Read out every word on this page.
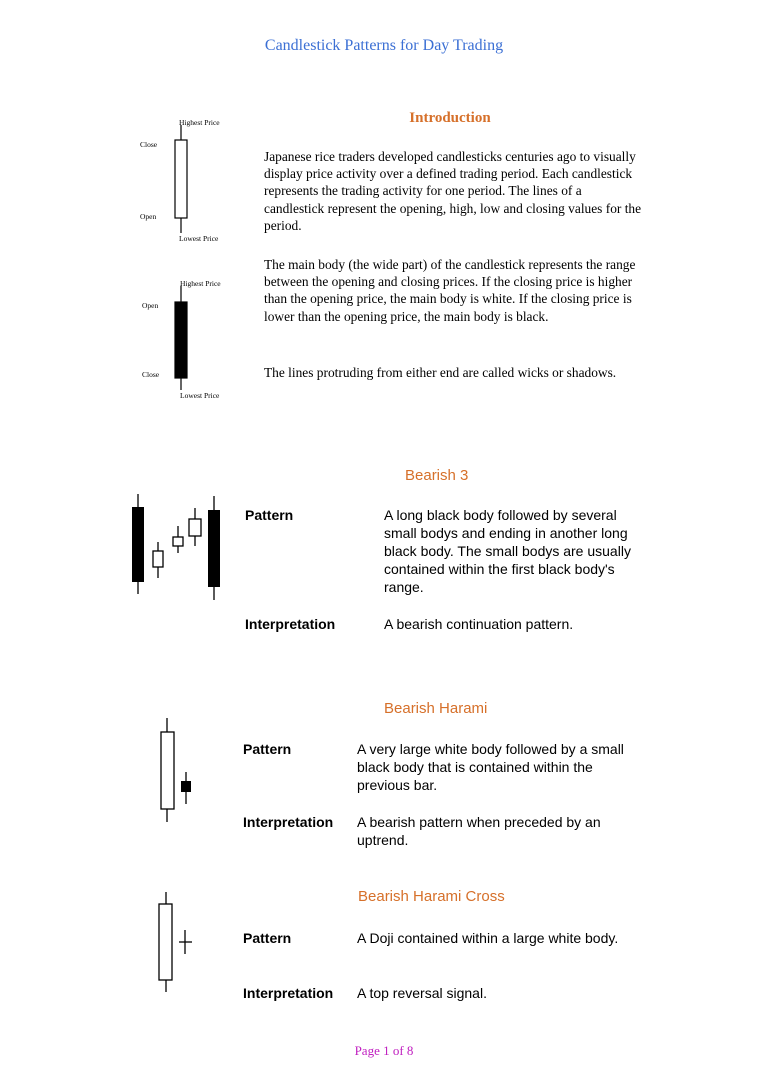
Candlestick Patterns for Day Trading
Highest Price
Close
Open
Lowest Price
Highest Price
Open
Close
Lowest Price
Introduction
Japanese rice traders developed candlesticks centuries ago to visually display price activity over a defined trading period. Each candlestick represents the trading activity for one period. The lines of a candlestick represent the opening, high, low and closing values for the period.
The main body (the wide part) of the candlestick represents the range between the opening and closing prices. If the closing price is higher than the opening price, the main body is white. If the closing price is lower than the opening price, the main body is black.
The lines protruding from either end are called wicks or shadows.
Bearish 3
Pattern	A long black body followed by several small bodys and ending in another long black body. The small bodys are usually contained within the first black body's range.
Interpretation	A bearish continuation pattern.
Bearish Harami
Pattern	A very large white body followed by a small black body that is contained within the previous bar.
Interpretation A bearish pattern when preceded by an uptrend.
Bearish Harami Cross
Pattern	A Doji contained within a large white body.
Interpretation A top reversal signal.
Page 1 of 8
